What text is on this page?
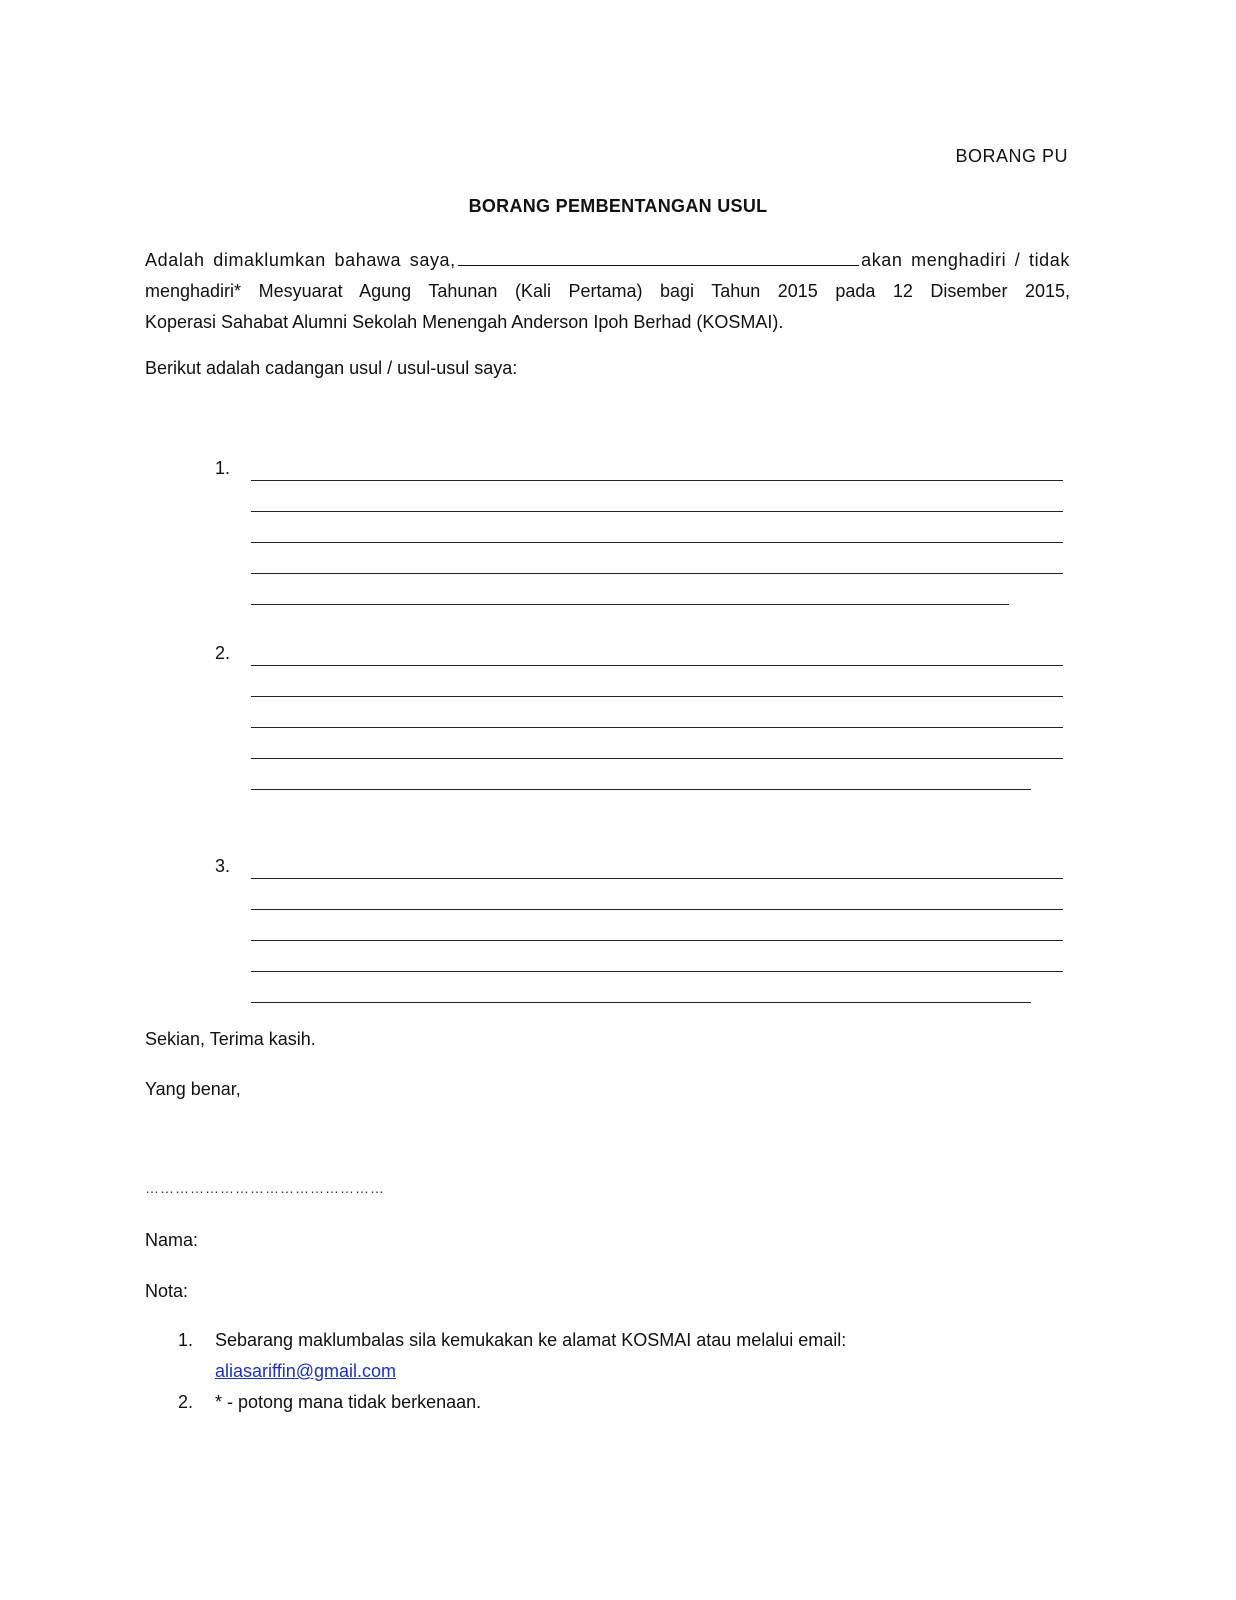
BORANG PU
BORANG PEMBENTANGAN USUL
Adalah dimaklumkan bahawa saya,	akan menghadiri / tidak
menghadiri* Mesyuarat Agung Tahunan (Kali Pertama) bagi Tahun 2015 pada 12 Disember 2015,
Koperasi Sahabat Alumni Sekolah Menengah Anderson Ipoh Berhad (KOSMAI).
Berikut adalah cadangan usul / usul-usul saya:
1.
2.
3.
Sekian, Terima kasih.
Yang benar,
…………………………………………
Nama:
Nota:
1. Sebarang maklumbalas sila kemukakan ke alamat KOSMAI atau melalui email:
aliasariffin@gmail.com
2. * - potong mana tidak berkenaan.
